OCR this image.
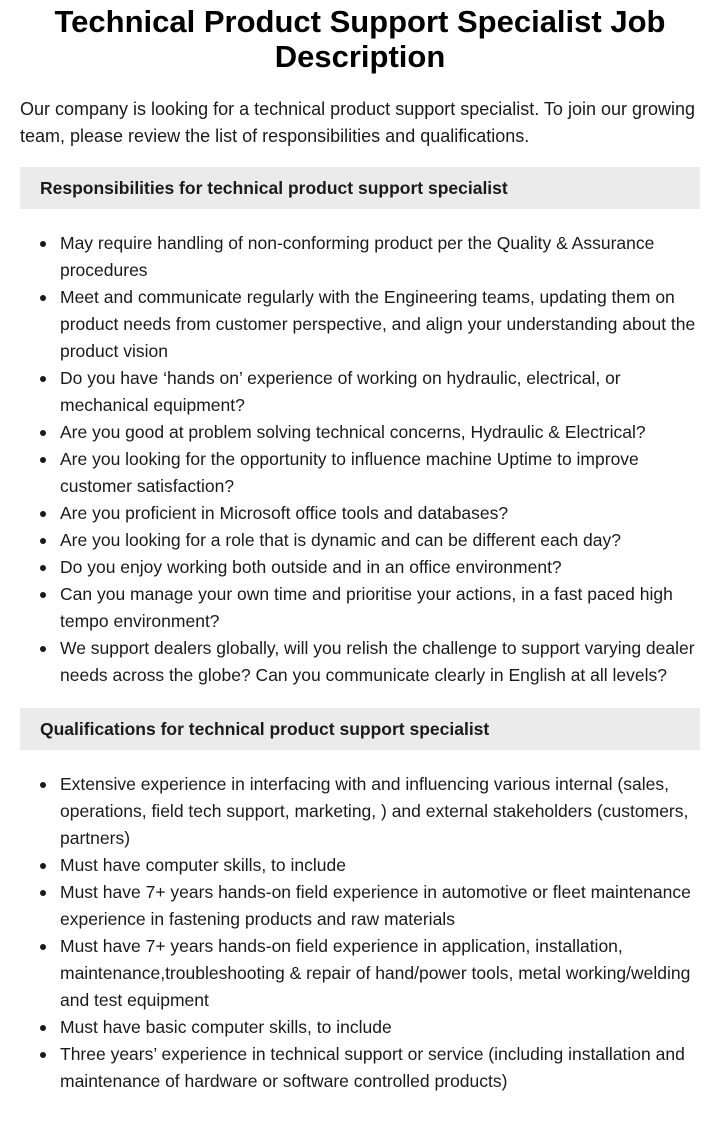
Technical Product Support Specialist Job Description

Our company is looking for a technical product support specialist. To join our growing team, please review the list of responsibilities and qualifications.

Responsibilities for technical product support specialist
May require handling of non-conforming product per the Quality & Assurance procedures
Meet and communicate regularly with the Engineering teams, updating them on product needs from customer perspective, and align your understanding about the product vision
Do you have ‘hands on’ experience of working on hydraulic, electrical, or mechanical equipment?
Are you good at problem solving technical concerns, Hydraulic & Electrical?
Are you looking for the opportunity to influence machine Uptime to improve customer satisfaction?
Are you proficient in Microsoft office tools and databases?
Are you looking for a role that is dynamic and can be different each day?
Do you enjoy working both outside and in an office environment?
Can you manage your own time and prioritise your actions, in a fast paced high tempo environment?
We support dealers globally, will you relish the challenge to support varying dealer needs across the globe? Can you communicate clearly in English at all levels?
Qualifications for technical product support specialist
Extensive experience in interfacing with and influencing various internal (sales, operations, field tech support, marketing, ) and external stakeholders (customers, partners)
Must have computer skills, to include
Must have 7+ years hands-on field experience in automotive or fleet maintenance experience in fastening products and raw materials
Must have 7+ years hands-on field experience in application, installation, maintenance,troubleshooting & repair of hand/power tools, metal working/welding and test equipment
Must have basic computer skills, to include
Three years’ experience in technical support or service (including installation and maintenance of hardware or software controlled products)
